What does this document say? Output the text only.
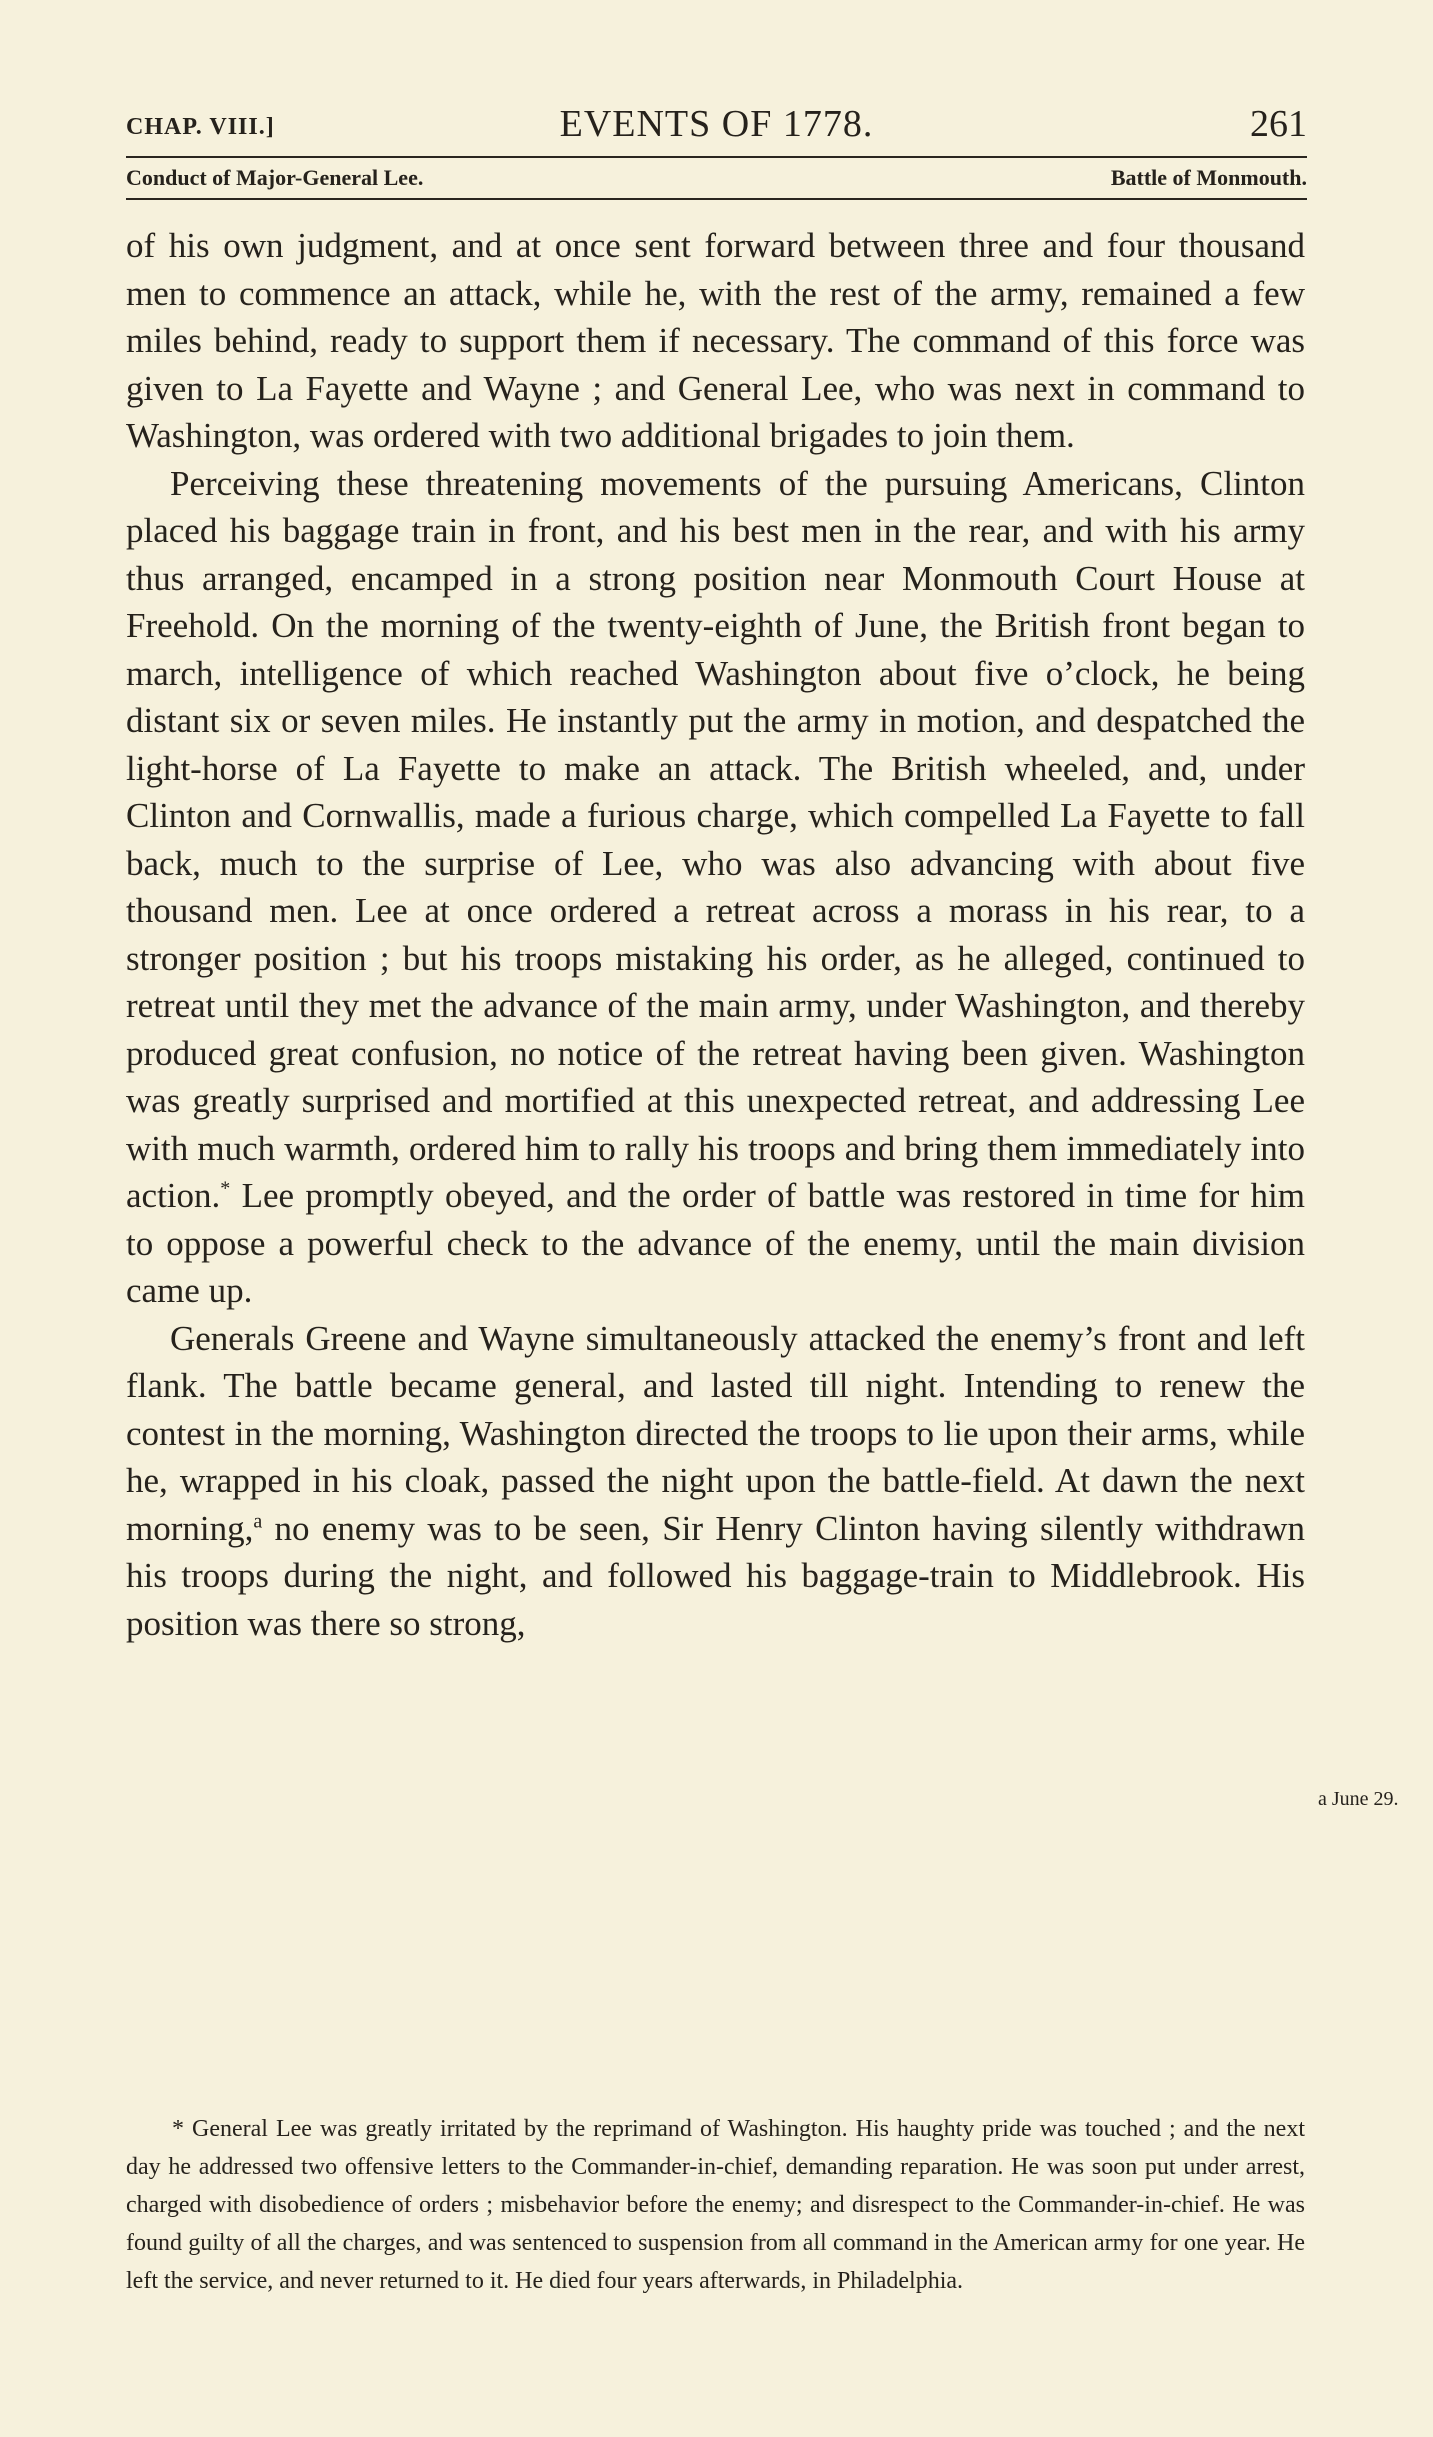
CHAP. VIII.]	EVENTS OF 1778.	261
Conduct of Major-General Lee.	Battle of Monmouth.

of his own judgment, and at once sent forward between three and four thousand men to commence an attack, while he, with the rest of the army, remained a few miles behind, ready to support them if necessary. The command of this force was given to La Fayette and Wayne ; and General Lee, who was next in command to Washington, was ordered with two additional brigades to join them.

Perceiving these threatening movements of the pursuing Americans, Clinton placed his baggage train in front, and his best men in the rear, and with his army thus arranged, encamped in a strong position near Monmouth Court House at Freehold. On the morning of the twenty-eighth of June, the British front began to march, intelligence of which reached Washington about five o’clock, he being distant six or seven miles. He instantly put the army in motion, and despatched the light-horse of La Fayette to make an attack. The British wheeled, and, under Clinton and Cornwallis, made a furious charge, which compelled La Fayette to fall back, much to the surprise of Lee, who was also advancing with about five thousand men. Lee at once ordered a retreat across a morass in his rear, to a stronger position ; but his troops mistaking his order, as he alleged, continued to retreat until they met the advance of the main army, under Washington, and thereby produced great confusion, no notice of the retreat having been given. Washington was greatly surprised and mortified at this unexpected retreat, and addressing Lee with much warmth, ordered him to rally his troops and bring them immediately into action.* Lee promptly obeyed, and the order of battle was restored in time for him to oppose a powerful check to the advance of the enemy, until the main division came up.

Generals Greene and Wayne simultaneously attacked the enemy’s front and left flank. The battle became general, and lasted till night. Intending to renew the contest in the morning, Washington directed the troops to lie upon their arms, while he, wrapped in his cloak, passed the night upon the battle-field. At dawn the next morning,$^a$ no enemy was to be seen, Sir Henry Clinton having silently withdrawn his troops during the night, and followed his baggage-train to Middlebrook. His position was there so strong,

a June 29.

* General Lee was greatly irritated by the reprimand of Washington. His haughty pride was touched ; and the next day he addressed two offensive letters to the Commander-in-chief, demanding reparation. He was soon put under arrest, charged with disobedience of orders ; misbehavior before the enemy; and disrespect to the Commander-in-chief. He was found guilty of all the charges, and was sentenced to suspension from all command in the American army for one year. He left the service, and never returned to it. He died four years afterwards, in Philadelphia.
